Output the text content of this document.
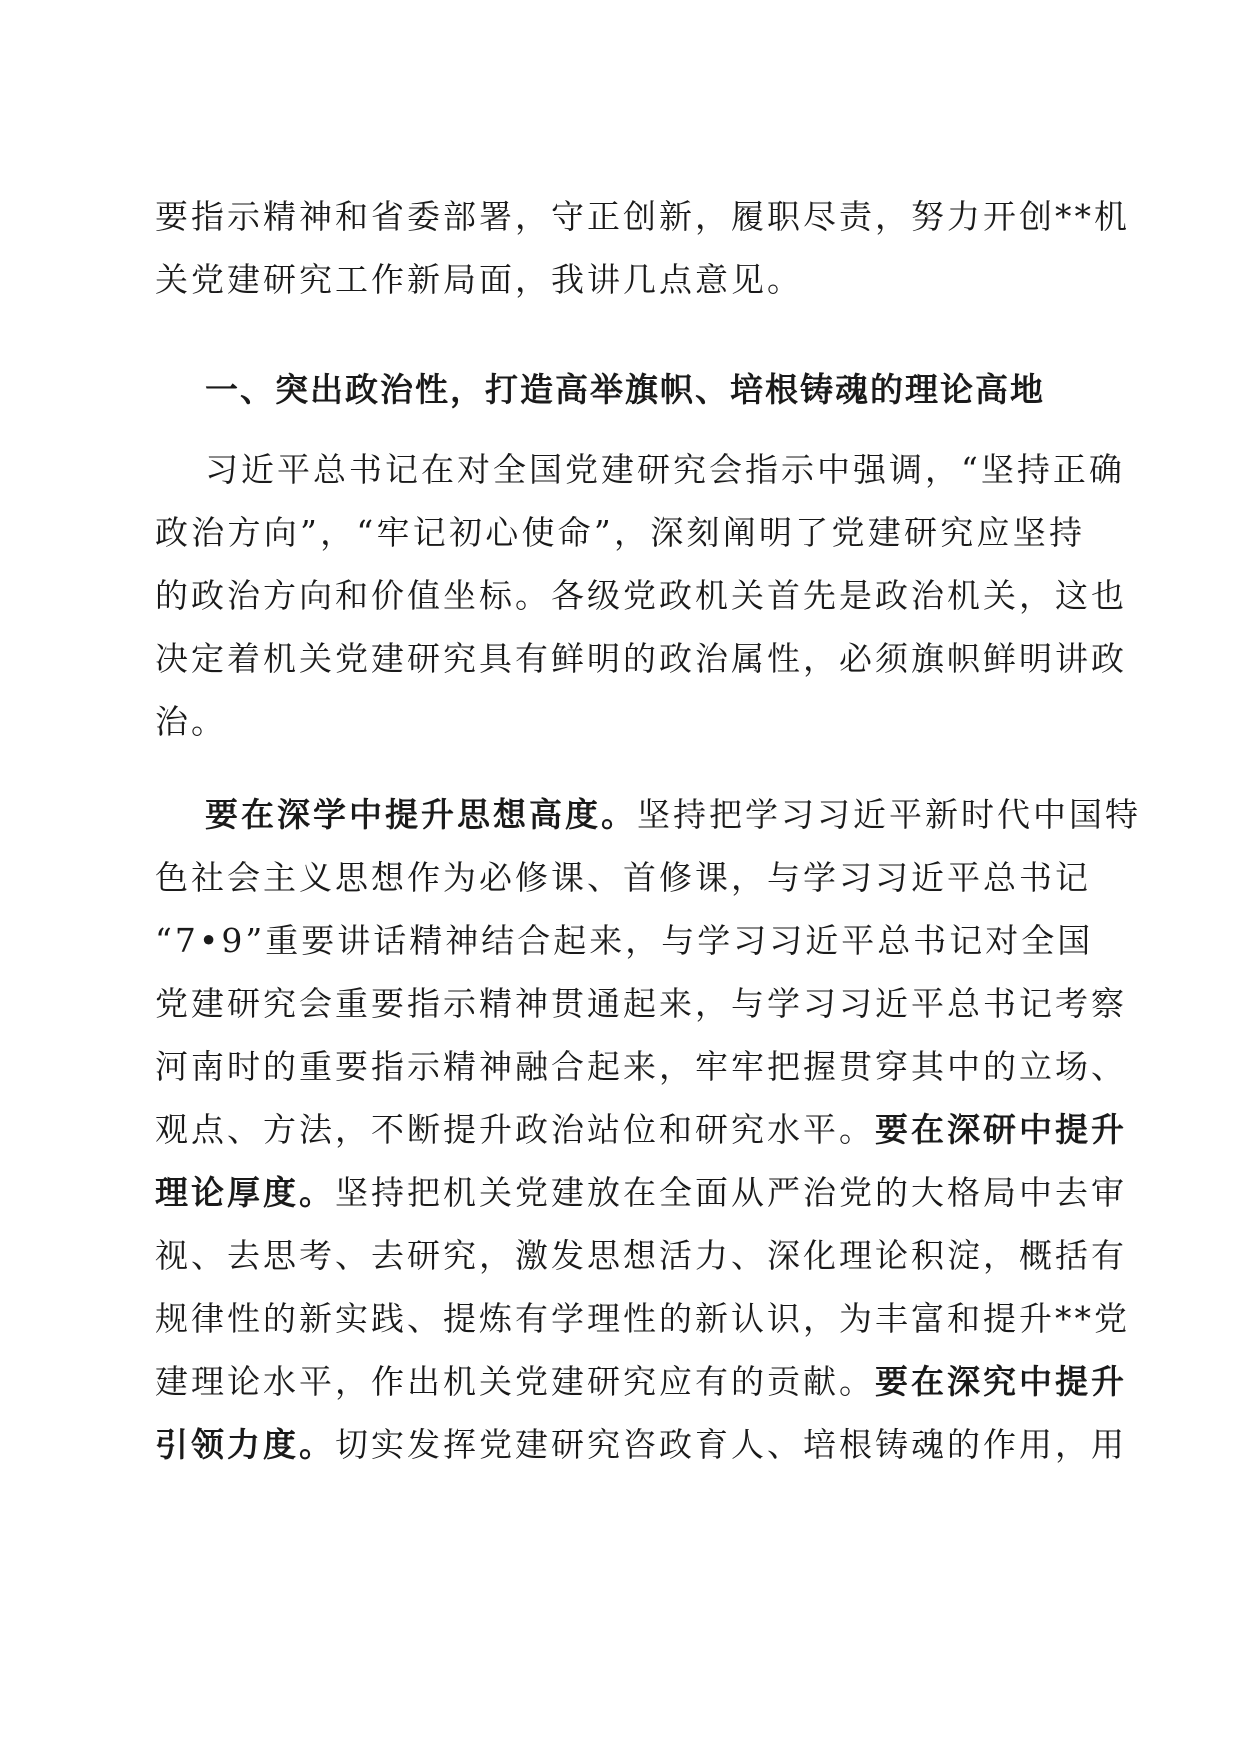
要指示精神和省委部署，守正创新，履职尽责，努力开创**机
关党建研究工作新局面，我讲几点意见。
一、突出政治性，打造高举旗帜、培根铸魂的理论高地
习近平总书记在对全国党建研究会指示中强调，“坚持正确
政治方向”，“牢记初心使命”，深刻阐明了党建研究应坚持
的政治方向和价值坐标。各级党政机关首先是政治机关，这也
决定着机关党建研究具有鲜明的政治属性，必须旗帜鲜明讲政
治。
要在深学中提升思想高度。坚持把学习习近平新时代中国特
色社会主义思想作为必修课、首修课，与学习习近平总书记
“7•9”重要讲话精神结合起来，与学习习近平总书记对全国
党建研究会重要指示精神贯通起来，与学习习近平总书记考察
河南时的重要指示精神融合起来，牢牢把握贯穿其中的立场、
观点、方法，不断提升政治站位和研究水平。要在深研中提升
理论厚度。坚持把机关党建放在全面从严治党的大格局中去审
视、去思考、去研究，激发思想活力、深化理论积淀，概括有
规律性的新实践、提炼有学理性的新认识，为丰富和提升**党
建理论水平，作出机关党建研究应有的贡献。要在深究中提升
引领力度。切实发挥党建研究咨政育人、培根铸魂的作用，用
